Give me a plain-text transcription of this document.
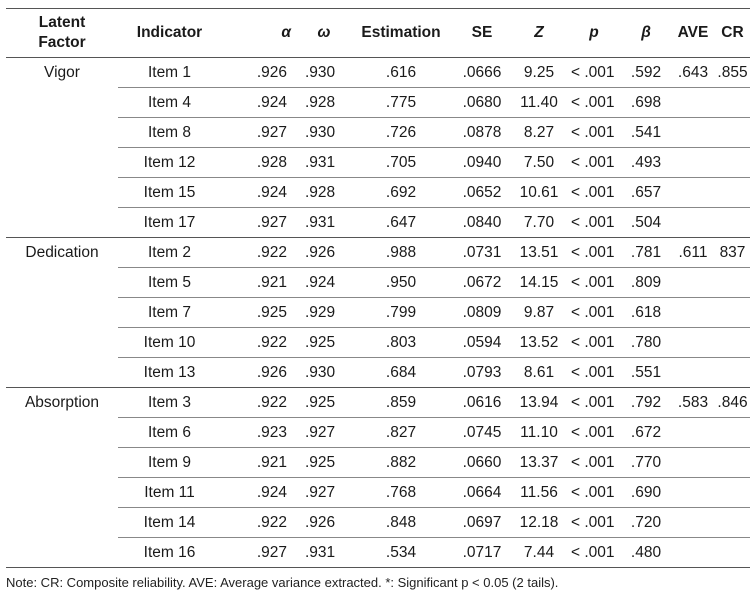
Latent
Factor	Indicator	α	ω	Estimation	SE	Z	p	β	AVE	CR
Vigor	Item 1	.926	.930	.616	.0666	9.25	< .001	.592	.643	.855
	Item 4	.924	.928	.775	.0680	11.40	< .001	.698		
	Item 8	.927	.930	.726	.0878	8.27	< .001	.541		
	Item 12	.928	.931	.705	.0940	7.50	< .001	.493		
	Item 15	.924	.928	.692	.0652	10.61	< .001	.657		
	Item 17	.927	.931	.647	.0840	7.70	< .001	.504		
Dedication	Item 2	.922	.926	.988	.0731	13.51	< .001	.781	.611	837
	Item 5	.921	.924	.950	.0672	14.15	< .001	.809		
	Item 7	.925	.929	.799	.0809	9.87	< .001	.618		
	Item 10	.922	.925	.803	.0594	13.52	< .001	.780		
	Item 13	.926	.930	.684	.0793	8.61	< .001	.551		
Absorption	Item 3	.922	.925	.859	.0616	13.94	< .001	.792	.583	.846
	Item 6	.923	.927	.827	.0745	11.10	< .001	.672		
	Item 9	.921	.925	.882	.0660	13.37	< .001	.770		
	Item 11	.924	.927	.768	.0664	11.56	< .001	.690		
	Item 14	.922	.926	.848	.0697	12.18	< .001	.720		
	Item 16	.927	.931	.534	.0717	7.44	< .001	.480		
Note: CR: Composite reliability. AVE: Average variance extracted. *: Significant p < 0.05 (2 tails).
